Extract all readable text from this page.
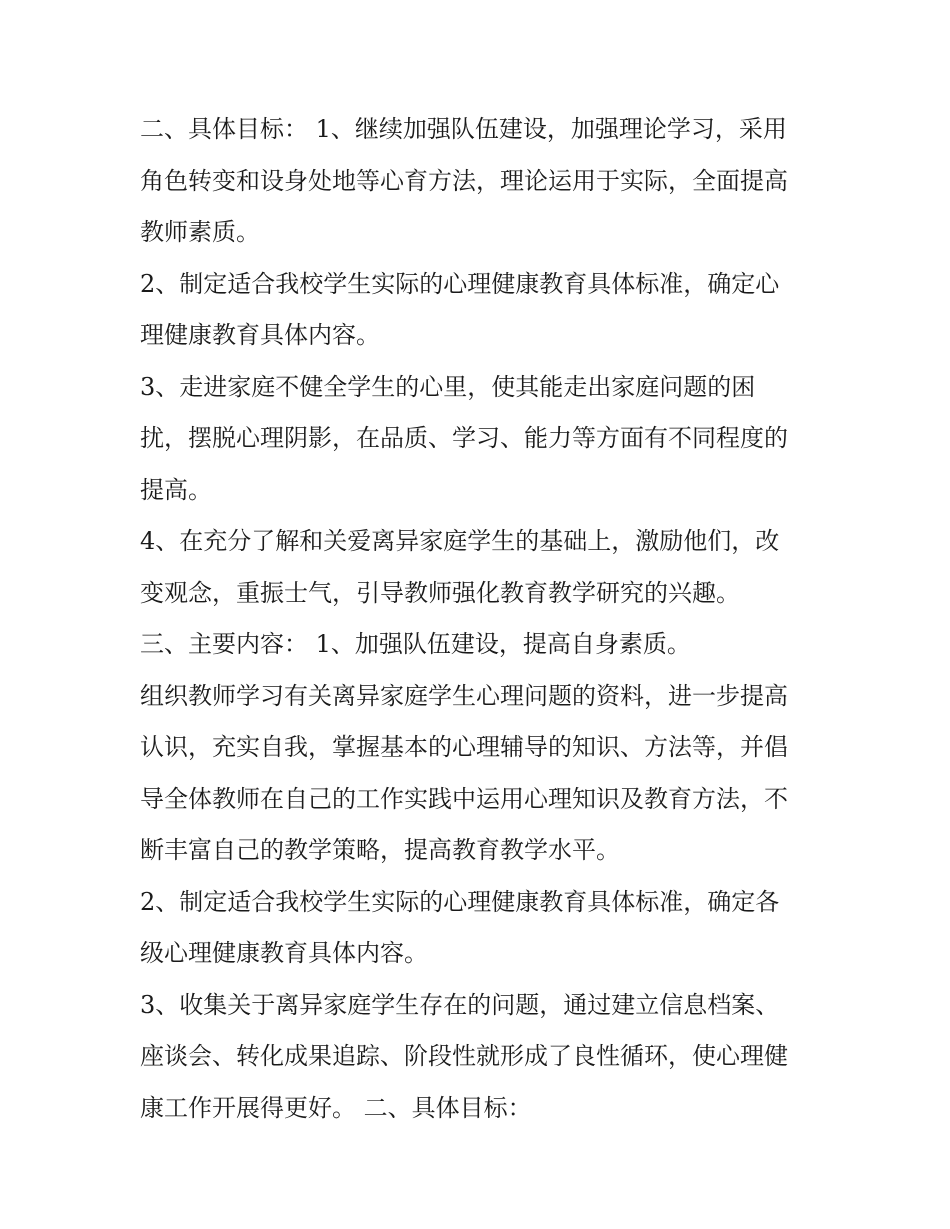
二、具体目标： 1、继续加强队伍建设，加强理论学习，采用
角色转变和设身处地等心育方法，理论运用于实际，全面提高
教师素质。
2、制定适合我校学生实际的心理健康教育具体标准，确定心
理健康教育具体内容。
3、走进家庭不健全学生的心里，使其能走出家庭问题的困
扰，摆脱心理阴影，在品质、学习、能力等方面有不同程度的
提高。
4、在充分了解和关爱离异家庭学生的基础上，激励他们，改
变观念，重振士气，引导教师强化教育教学研究的兴趣。
三、主要内容： 1、加强队伍建设，提高自身素质。
组织教师学习有关离异家庭学生心理问题的资料，进一步提高
认识，充实自我，掌握基本的心理辅导的知识、方法等，并倡
导全体教师在自己的工作实践中运用心理知识及教育方法，不
断丰富自己的教学策略，提高教育教学水平。
2、制定适合我校学生实际的心理健康教育具体标准，确定各
级心理健康教育具体内容。
3、收集关于离异家庭学生存在的问题，通过建立信息档案、
座谈会、转化成果追踪、阶段性就形成了良性循环，使心理健
康工作开展得更好。 二、具体目标：
